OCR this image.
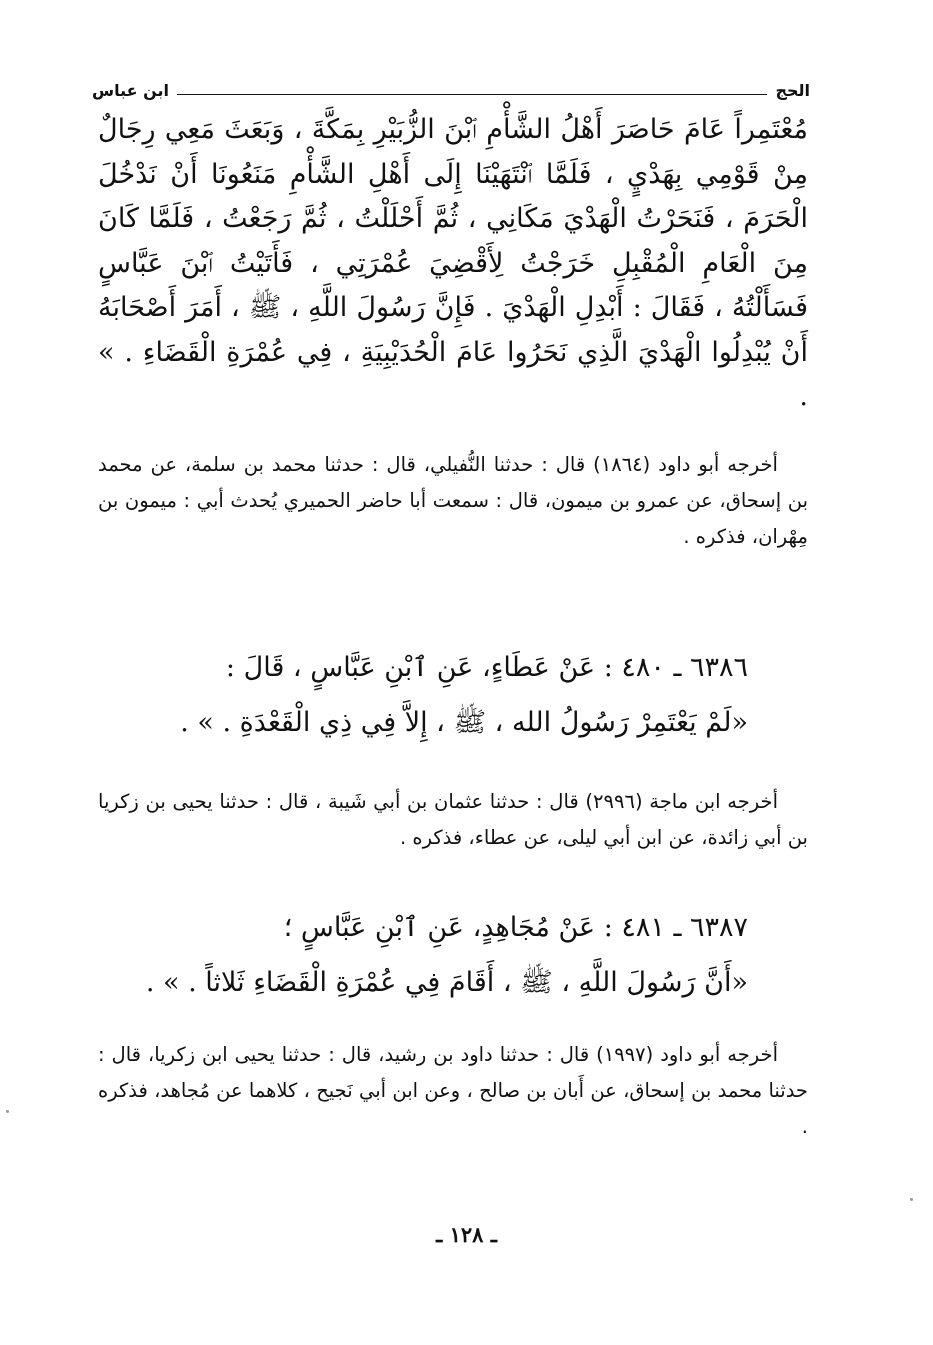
الحج
ابن عباس

مُعْتَمِراً عَامَ حَاصَرَ أَهْلُ الشَّأْمِ ٱبْنَ الزُّبَيْرِ بِمَكَّةَ ، وَبَعَثَ مَعِي رِجَالٌ مِنْ قَوْمِي بِهَدْيٍ ، فَلَمَّا ٱنْتَهَيْنَا إِلَى أَهْلِ الشَّأْمِ مَنَعُونَا أَنْ نَدْخُلَ الْحَرَمَ ، فَنَحَرْتُ الْهَدْيَ مَكَانِي ، ثُمَّ أَحْلَلْتُ ، ثُمَّ رَجَعْتُ ، فَلَمَّا كَانَ مِنَ الْعَامِ الْمُقْبِلِ خَرَجْتُ لِأَقْضِيَ عُمْرَتِي ، فَأَتَيْتُ ٱبْنَ عَبَّاسٍ فَسَأَلْتُهُ ، فَقَالَ : أَبْدِلِ الْهَدْيَ . فَإِنَّ رَسُولَ اللَّهِ ، ﷺ ، أَمَرَ أَصْحَابَهُ أَنْ يُبْدِلُوا الْهَدْيَ الَّذِي نَحَرُوا عَامَ الْحُدَيْبِيَةِ ، فِي عُمْرَةِ الْقَضَاءِ . » .

أخرجه أبو داود (١٨٦٤) قال : حدثنا النُّفيلي، قال : حدثنا محمد بن سلمة، عن محمد بن إسحاق، عن عمرو بن ميمون، قال : سمعت أبا حاضر الحميري يُحدث أبي : ميمون بن مِهْران، فذكره .

٦٣٨٦ ـ ٤٨٠ : عَنْ عَطَاءٍ، عَنِ ٱبْنِ عَبَّاسٍ ، قَالَ :
«لَمْ يَعْتَمِرْ رَسُولُ الله ، ﷺ ، إِلاَّ فِي ذِي الْقَعْدَةِ . » .

أخرجه ابن ماجة (٢٩٩٦) قال : حدثنا عثمان بن أبي شَيبة ، قال : حدثنا يحيى بن زكريا بن أبي زائدة، عن ابن أبي ليلى، عن عطاء، فذكره .

٦٣٨٧ ـ ٤٨١ : عَنْ مُجَاهِدٍ، عَنِ ٱبْنِ عَبَّاسٍ ؛
«أَنَّ رَسُولَ اللَّهِ ، ﷺ ، أَقَامَ فِي عُمْرَةِ الْقَضَاءِ ثَلاثاً . » .

أخرجه أبو داود (١٩٩٧) قال : حدثنا داود بن رشيد، قال : حدثنا يحيى ابن زكريا، قال : حدثنا محمد بن إسحاق، عن أَبان بن صالح ، وعن ابن أبي نَجيح ، كلاهما عن مُجاهد، فذكره .

ـ ١٢٨ ـ
